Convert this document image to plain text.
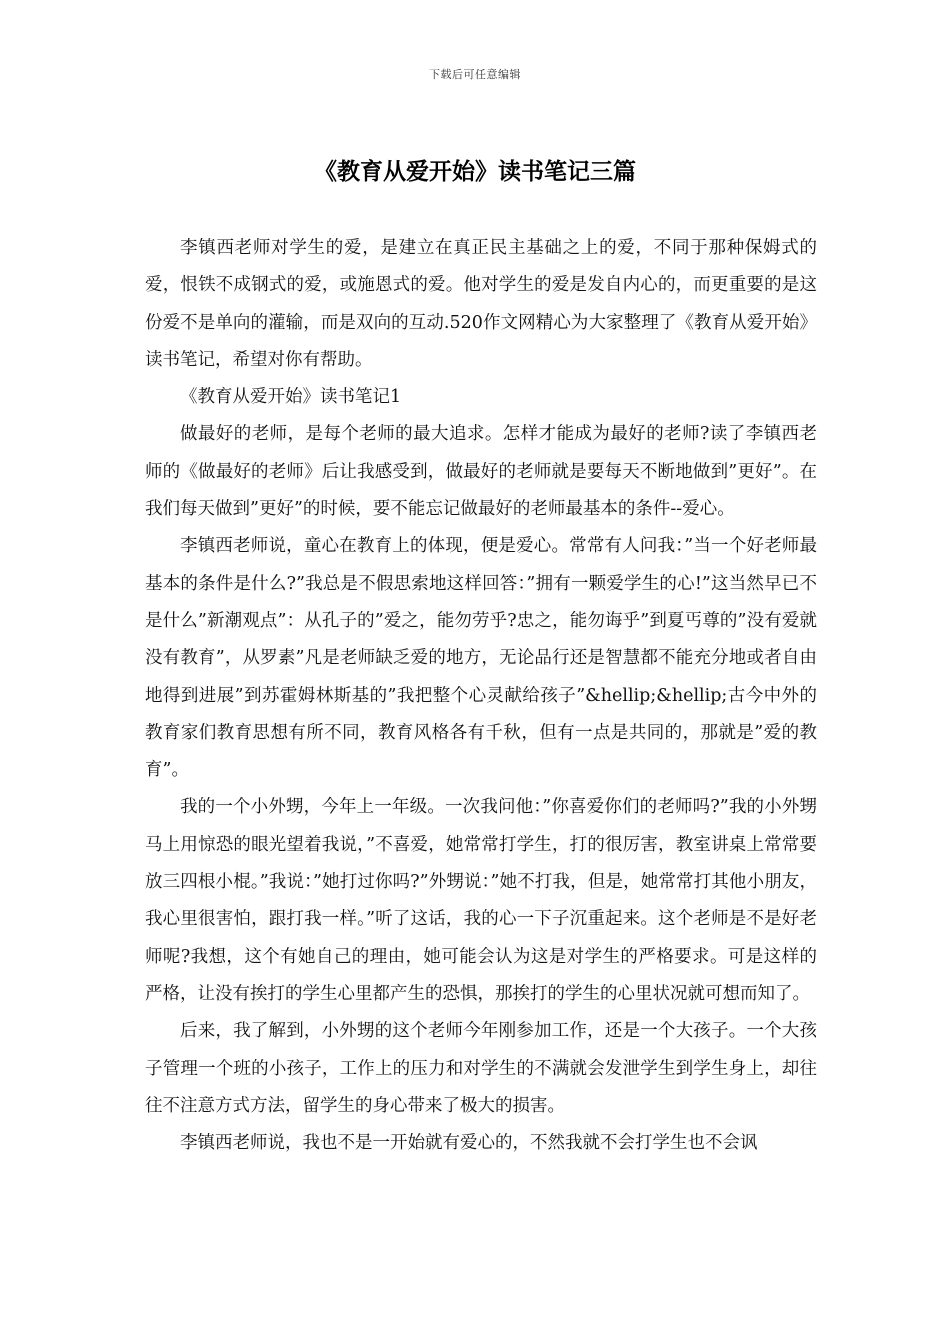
下载后可任意编辑
《教育从爱开始》读书笔记三篇

李镇西老师对学生的爱，是建立在真正民主基础之上的爱，不同于那种保姆式的爱，恨铁不成钢式的爱，或施恩式的爱。他对学生的爱是发自内心的，而更重要的是这份爱不是单向的灌输，而是双向的互动.520作文网精心为大家整理了《教育从爱开始》读书笔记，希望对你有帮助。

《教育从爱开始》读书笔记1

做最好的老师，是每个老师的最大追求。怎样才能成为最好的老师?读了李镇西老师的《做最好的老师》后让我感受到，做最好的老师就是要每天不断地做到”更好”。在我们每天做到”更好”的时候，要不能忘记做最好的老师最基本的条件--爱心。

李镇西老师说，童心在教育上的体现，便是爱心。常常有人问我：”当一个好老师最基本的条件是什么?”我总是不假思索地这样回答：”拥有一颗爱学生的心!”这当然早已不是什么”新潮观点”：从孔子的”爱之，能勿劳乎?忠之，能勿诲乎”到夏丐尊的”没有爱就没有教育”，从罗素”凡是老师缺乏爱的地方，无论品行还是智慧都不能充分地或者自由地得到进展”到苏霍姆林斯基的”我把整个心灵献给孩子”&hellip;&hellip;古今中外的教育家们教育思想有所不同，教育风格各有千秋，但有一点是共同的，那就是”爱的教育”。

我的一个小外甥，今年上一年级。一次我问他：”你喜爱你们的老师吗?”我的小外甥马上用惊恐的眼光望着我说，”不喜爱，她常常打学生，打的很厉害，教室讲桌上常常要放三四根小棍。”我说：”她打过你吗?”外甥说：”她不打我，但是，她常常打其他小朋友，我心里很害怕，跟打我一样。”听了这话，我的心一下子沉重起来。这个老师是不是好老师呢?我想，这个有她自己的理由，她可能会认为这是对学生的严格要求。可是这样的严格，让没有挨打的学生心里都产生的恐惧，那挨打的学生的心里状况就可想而知了。

后来，我了解到，小外甥的这个老师今年刚参加工作，还是一个大孩子。一个大孩子管理一个班的小孩子，工作上的压力和对学生的不满就会发泄学生到学生身上，却往往不注意方式方法，留学生的身心带来了极大的损害。

李镇西老师说，我也不是一开始就有爱心的，不然我就不会打学生也不会讽
